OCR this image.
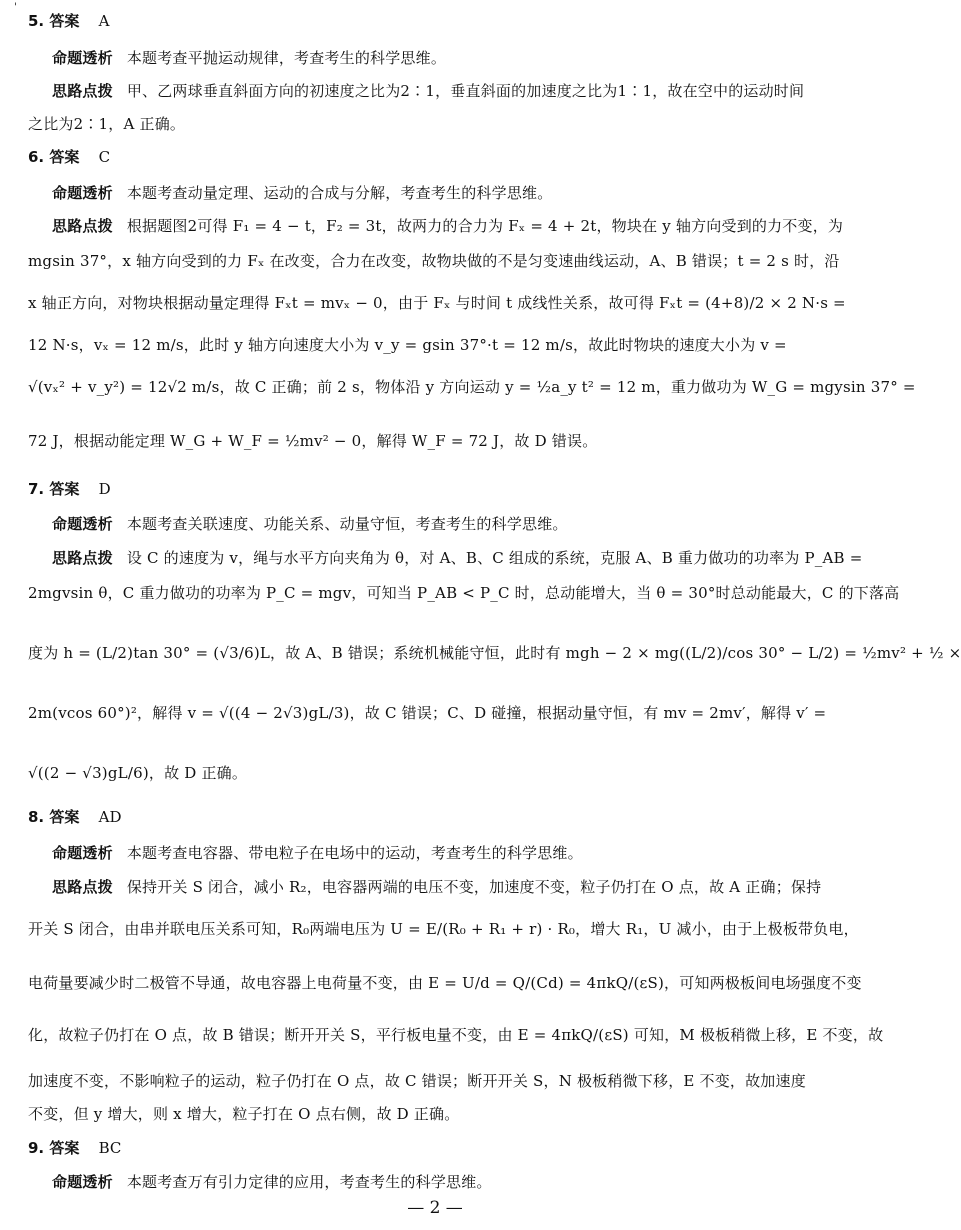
'
5. 答案 A
命题透析 本题考查平抛运动规律，考查考生的科学思维。
思路点拨 甲、乙两球垂直斜面方向的初速度之比为2∶1，垂直斜面的加速度之比为1∶1，故在空中的运动时间
之比为2∶1，A 正确。
6. 答案 C
命题透析 本题考查动量定理、运动的合成与分解，考查考生的科学思维。
思路点拨 根据题图2可得 F₁ = 4 − t，F₂ = 3t，故两力的合力为 Fₓ = 4 + 2t，物块在 y 轴方向受到的力不变，为
mgsin 37°，x 轴方向受到的力 Fₓ 在改变，合力在改变，故物块做的不是匀变速曲线运动，A、B 错误；t = 2 s 时，沿
x 轴正方向，对物块根据动量定理得 Fₓt = mvₓ − 0，由于 Fₓ 与时间 t 成线性关系，故可得 Fₓt = (4+8)/2 × 2 N·s =
12 N·s，vₓ = 12 m/s，此时 y 轴方向速度大小为 v_y = gsin 37°·t = 12 m/s，故此时物块的速度大小为 v =
√(vₓ² + v_y²) = 12√2 m/s，故 C 正确；前 2 s，物体沿 y 方向运动 y = ½a_y t² = 12 m，重力做功为 W_G = mgysin 37° =
72 J，根据动能定理 W_G + W_F = ½mv² − 0，解得 W_F = 72 J，故 D 错误。
7. 答案 D
命题透析 本题考查关联速度、功能关系、动量守恒，考查考生的科学思维。
思路点拨 设 C 的速度为 v，绳与水平方向夹角为 θ，对 A、B、C 组成的系统，克服 A、B 重力做功的功率为 P_AB =
2mgvsin θ，C 重力做功的功率为 P_C = mgv，可知当 P_AB < P_C 时，总动能增大，当 θ = 30°时总动能最大，C 的下落高
度为 h = (L/2)tan 30° = (√3/6)L，故 A、B 错误；系统机械能守恒，此时有 mgh − 2 × mg((L/2)/cos 30° − L/2) = ½mv² + ½ ×
2m(vcos 60°)²，解得 v = √((4 − 2√3)gL/3)，故 C 错误；C、D 碰撞，根据动量守恒，有 mv = 2mv′，解得 v′ =
√((2 − √3)gL/6)，故 D 正确。
8. 答案 AD
命题透析 本题考查电容器、带电粒子在电场中的运动，考查考生的科学思维。
思路点拨 保持开关 S 闭合，减小 R₂，电容器两端的电压不变，加速度不变，粒子仍打在 O 点，故 A 正确；保持
开关 S 闭合，由串并联电压关系可知，R₀两端电压为 U = E/(R₀ + R₁ + r) · R₀，增大 R₁，U 减小，由于上极板带负电，
电荷量要减少时二极管不导通，故电容器上电荷量不变，由 E = U/d = Q/(Cd) = 4πkQ/(εS)，可知两极板间电场强度不变
化，故粒子仍打在 O 点，故 B 错误；断开开关 S，平行板电量不变，由 E = 4πkQ/(εS) 可知，M 极板稍微上移，E 不变，故
加速度不变，不影响粒子的运动，粒子仍打在 O 点，故 C 错误；断开开关 S，N 极板稍微下移，E 不变，故加速度
不变，但 y 增大，则 x 增大，粒子打在 O 点右侧，故 D 正确。
9. 答案 BC
命题透析 本题考查万有引力定律的应用，考查考生的科学思维。
— 2 —
